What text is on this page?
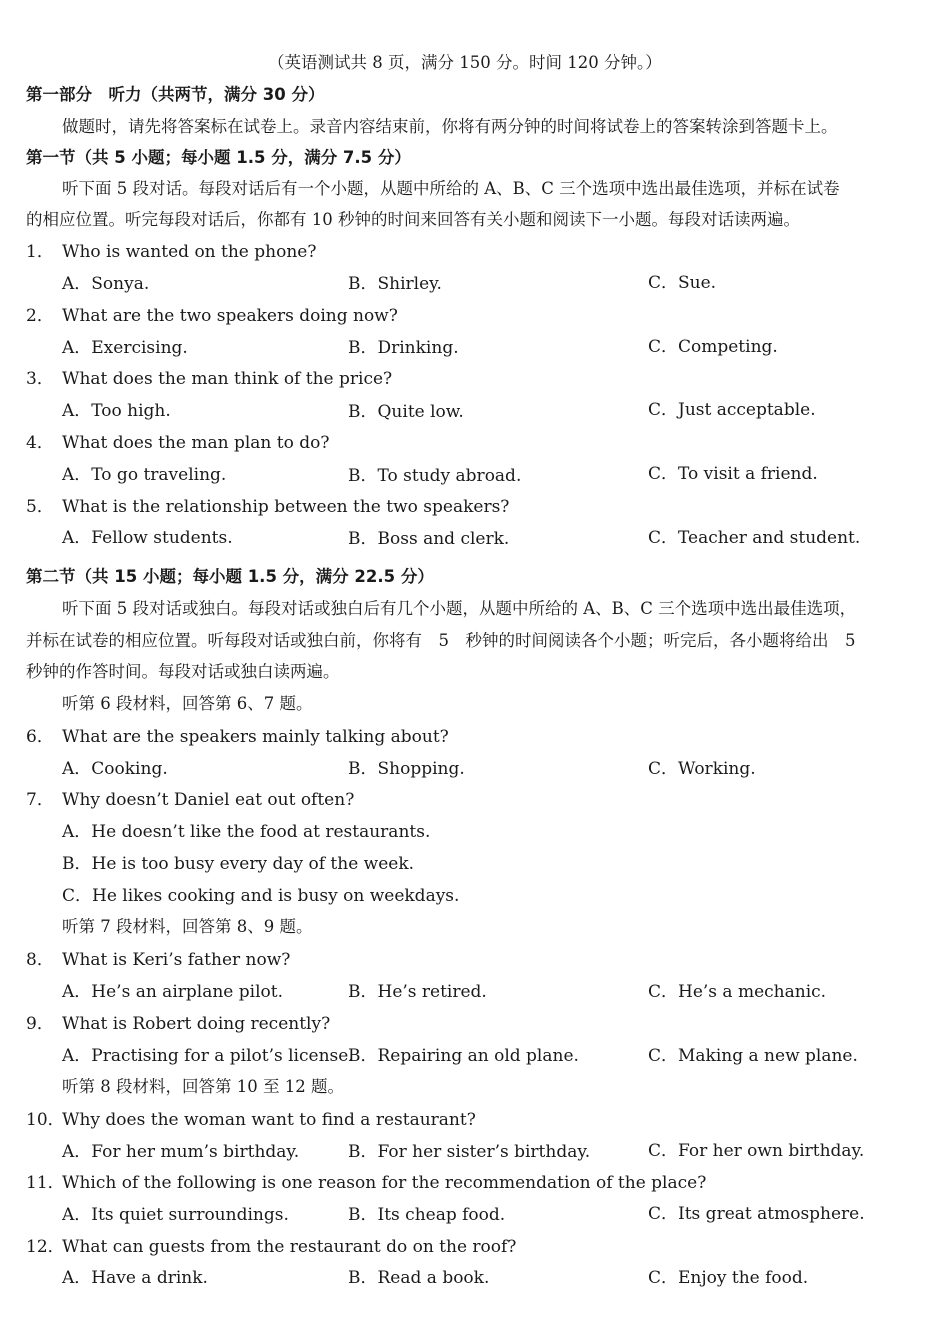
（英语测试共 8 页，满分 150 分。时间 120 分钟。）
第一部分　听力（共两节，满分 30 分）
做题时，请先将答案标在试卷上。录音内容结束前，你将有两分钟的时间将试卷上的答案转涂到答题卡上。
第一节（共 5 小题；每小题 1.5 分，满分 7.5 分）
听下面 5 段对话。每段对话后有一个小题，从题中所给的 A、B、C 三个选项中选出最佳选项，并标在试卷
的相应位置。听完每段对话后，你都有 10 秒钟的时间来回答有关小题和阅读下一小题。每段对话读两遍。
1． Who is wanted on the phone?
A．Sonya.	B．Shirley.	C．Sue.
2． What are the two speakers doing now?
A．Exercising.	B．Drinking.	C．Competing.
3． What does the man think of the price?
A．Too high.	B．Quite low.	C．Just acceptable.
4． What does the man plan to do?
A．To go traveling.	B．To study abroad.	C．To visit a friend.
5． What is the relationship between the two speakers?
A．Fellow students.	B．Boss and clerk.	C．Teacher and student.
第二节（共 15 小题；每小题 1.5 分，满分 22.5 分）
听下面 5 段对话或独白。每段对话或独白后有几个小题，从题中所给的 A、B、C 三个选项中选出最佳选项，
并标在试卷的相应位置。听每段对话或独白前，你将有　5　秒钟的时间阅读各个小题；听完后，各小题将给出　5
秒钟的作答时间。每段对话或独白读两遍。
听第 6 段材料，回答第 6、7 题。
6． What are the speakers mainly talking about?
A．Cooking.	B．Shopping.	C．Working.
7． Why doesn’t Daniel eat out often?
A．He doesn’t like the food at restaurants.
B．He is too busy every day of the week.
C．He likes cooking and is busy on weekdays.
听第 7 段材料，回答第 8、9 题。
8． What is Keri’s father now?
A．He’s an airplane pilot.	B．He’s retired.	C．He’s a mechanic.
9． What is Robert doing recently?
A．Practising for a pilot’s license.
B．Repairing an old plane.	C．Making a new plane.
听第 8 段材料，回答第 10 至 12 题。
10．
Why does the woman want to find a restaurant?
A．For her mum’s birthday.	B．For her sister’s birthday.	C．For her own birthday.
11．
Which of the following is one reason for the recommendation of the place?
A．Its quiet surroundings.	B．Its cheap food.	C．Its great atmosphere.
12．
What can guests from the restaurant do on the roof?
A．Have a drink.	B．Read a book.	C．Enjoy the food.
